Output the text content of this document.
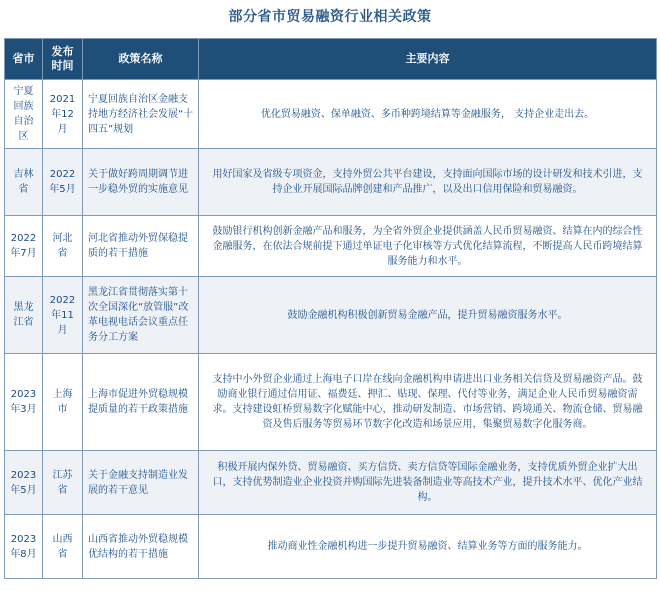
部分省市贸易融资行业相关政策
省市	发布时间	政策名称	主要内容
宁夏回族自治区	2021年12月	宁夏回族自治区金融支持地方经济社会发展“十四五”规划	优化贸易融资、保单融资、多币种跨境结算等金融服务， 支持企业走出去。
吉林省	2022年5月	关于做好跨周期调节进一步稳外贸的实施意见	用好国家及省级专项资金，支持外贸公共平台建设，支持面向国际市场的设计研发和技术引进，支持企业开展国际品牌创建和产品推广，以及出口信用保险和贸易融资。
2022年7月	河北省	河北省推动外贸保稳提质的若干措施	鼓励银行机构创新金融产品和服务，为全省外贸企业提供涵盖人民币贸易融资、结算在内的综合性金融服务，在依法合规前提下通过单证电子化审核等方式优化结算流程，不断提高人民币跨境结算服务能力和水平。
黑龙江省	2022年11月	黑龙江省贯彻落实第十次全国深化“放管服”改革电视电话会议重点任务分工方案	鼓励金融机构积极创新贸易金融产品，提升贸易融资服务水平。
2023年3月	上海市	上海市促进外贸稳规模提质量的若干政策措施	支持中小外贸企业通过上海电子口岸在线向金融机构申请进出口业务相关信贷及贸易融资产品。鼓励商业银行通过信用证、福费廷、押汇、贴现、保理、代付等业务，满足企业人民币贸易融资需求。支持建设虹桥贸易数字化赋能中心，推动研发制造、市场营销、跨境通关、物流仓储、贸易融资及售后服务等贸易环节数字化改造和场景应用，集聚贸易数字化服务商。
2023年5月	江苏省	关于金融支持制造业发展的若干意见	积极开展内保外贷、贸易融资、买方信贷、卖方信贷等国际金融业务，支持优质外贸企业扩大出口，支持优势制造业企业投资并购国际先进装备制造业等高技术产业，提升技术水平、优化产业结构。
2023年8月	山西省	山西省推动外贸稳规模优结构的若干措施	推动商业性金融机构进一步提升贸易融资、结算业务等方面的服务能力。
